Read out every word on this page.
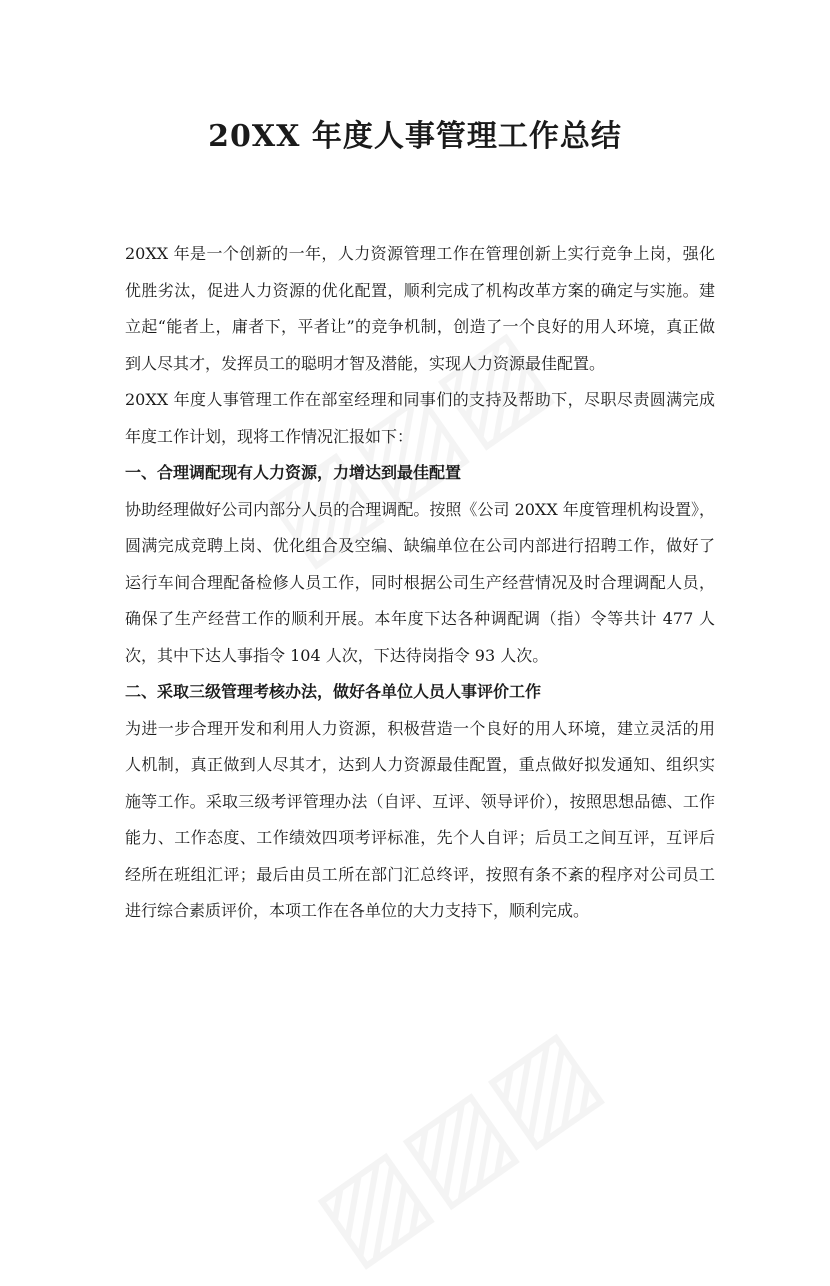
20XX 年度人事管理工作总结

20XX 年是一个创新的一年，人力资源管理工作在管理创新上实行竞争上岗，强化优胜劣汰，促进人力资源的优化配置，顺利完成了机构改革方案的确定与实施。建立起“能者上，庸者下，平者让”的竞争机制，创造了一个良好的用人环境，真正做到人尽其才，发挥员工的聪明才智及潜能，实现人力资源最佳配置。

20XX 年度人事管理工作在部室经理和同事们的支持及帮助下，尽职尽责圆满完成年度工作计划，现将工作情况汇报如下：

一、合理调配现有人力资源，力增达到最佳配置

协助经理做好公司内部分人员的合理调配。按照《公司 20XX 年度管理机构设置》，圆满完成竞聘上岗、优化组合及空编、缺编单位在公司内部进行招聘工作，做好了运行车间合理配备检修人员工作，同时根据公司生产经营情况及时合理调配人员，确保了生产经营工作的顺利开展。本年度下达各种调配调（指）令等共计 477 人次，其中下达人事指令 104 人次，下达待岗指令 93 人次。

二、采取三级管理考核办法，做好各单位人员人事评价工作

为进一步合理开发和利用人力资源，积极营造一个良好的用人环境，建立灵活的用人机制，真正做到人尽其才，达到人力资源最佳配置，重点做好拟发通知、组织实施等工作。采取三级考评管理办法（自评、互评、领导评价），按照思想品德、工作能力、工作态度、工作绩效四项考评标准，先个人自评；后员工之间互评，互评后经所在班组汇评；最后由员工所在部门汇总终评，按照有条不紊的程序对公司员工进行综合素质评价，本项工作在各单位的大力支持下，顺利完成。
